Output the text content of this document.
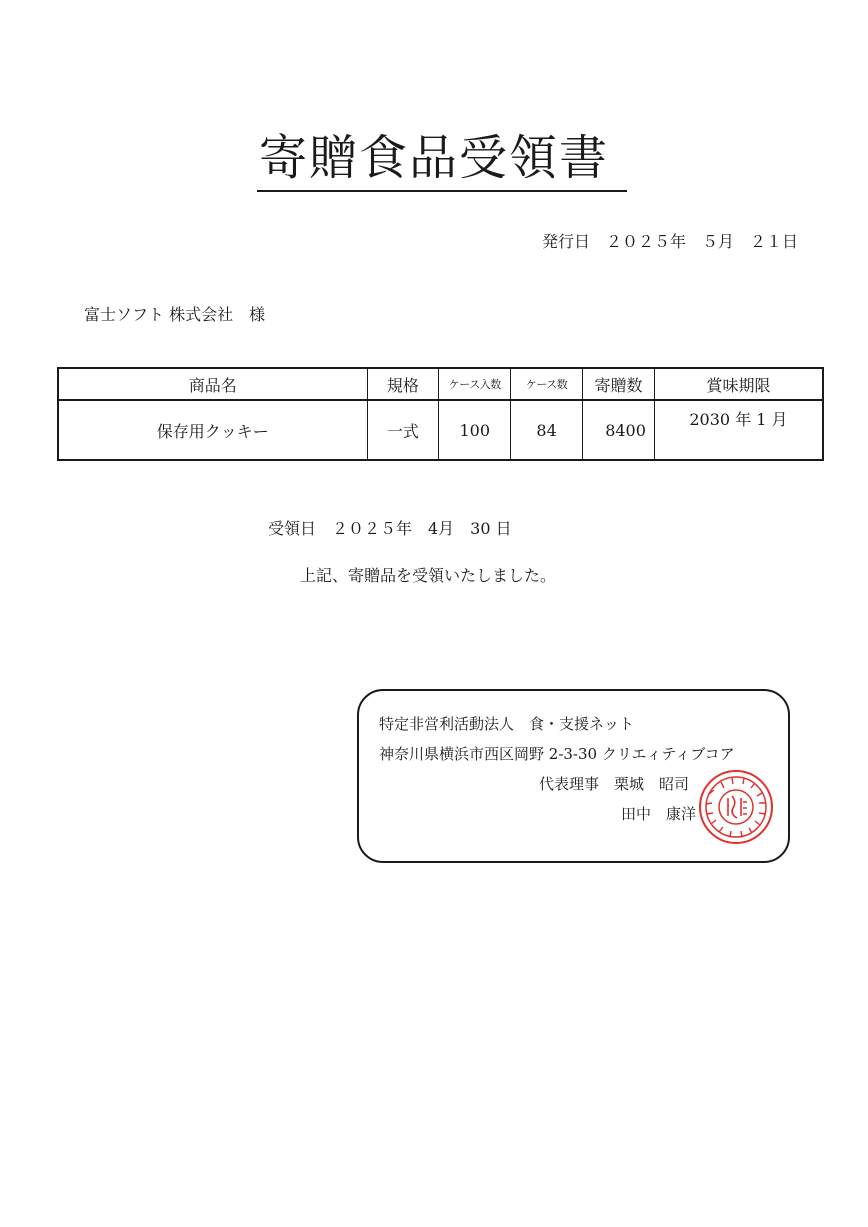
寄贈食品受領書
発行日　２０２５年　５月　２１日
富士ソフト 株式会社　様
商品名	規格	ケース入数	ケース数	寄贈数	賞味期限
保存用クッキー	一式	100	84	8400	2030 年 1 月
受領日　２０２５年　4月　30 日
上記、寄贈品を受領いたしました。
特定非営利活動法人　食・支援ネット
神奈川県横浜市西区岡野 2-3-30 クリエィティブコア
代表理事　栗城　昭司
田中　康洋
